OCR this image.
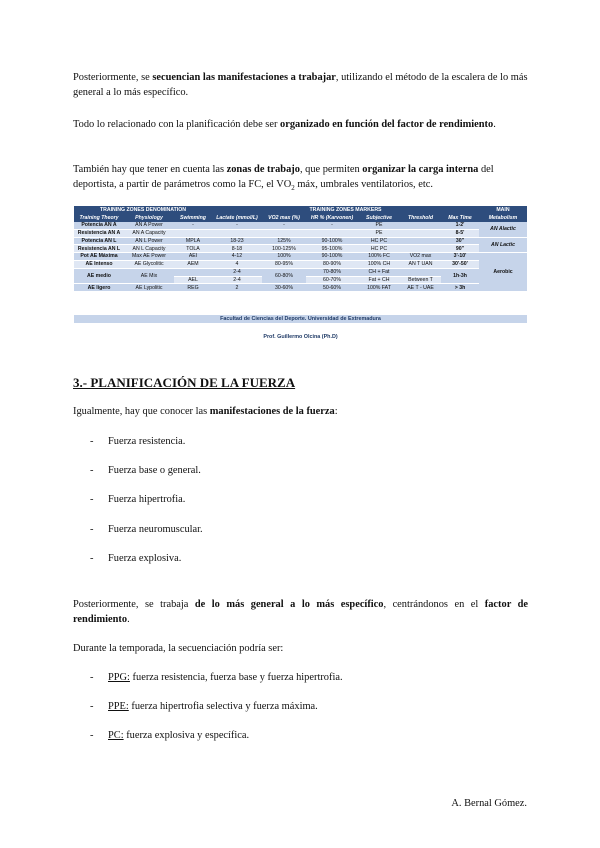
Posteriormente, se secuencian las manifestaciones a trabajar, utilizando el método de la escalera de lo más general a lo más específico.
Todo lo relacionado con la planificación debe ser organizado en función del factor de rendimiento.
También hay que tener en cuenta las zonas de trabajo, que permiten organizar la carga interna del deportista, a partir de parámetros como la FC, el $VO_2$ máx, umbrales ventilatorios, etc.
TRAINING ZONES DENOMINATION			TRAINING ZONES MARKERS						MAIN
Training Theory	Physiology	Swimming	Lactate (mmol/L)	VO2 max (%)	HR % (Karvonen)	Subjective	Threshold	Max Time	Metabolism
Potencia AN A	AN A Power	-	-	-	-	PE		1-2'	AN Alactic
Resistencia AN A	AN A Capacity					PE		8-5'	
Potencia AN L	AN L Power	MPLA	18-23	125%	90-100%	HC PC		30"	AN Lactic
Resistencia AN L	AN L Capacity	TOLA	8-18	100-125%	95-100%	HC PC		90"	
Pot AE Máxima	Max AE Power	AEI	4-12	100%	90-100%	100% FC	VO2 max	3'-10'	Aerobic
AE Intenso	AE Glycolitic	AEM	4	80-95%	80-90%	100% CH	AN T UAN	30'-50'	
AE medio	AE Mix		2-4	60-80%	70-80%	CH + Fat		1h-3h	
		AEL	2-4		60-70%	Fat + CH	Between T		
AE ligero	AE Lypolitic	REG	2	30-60%	50-60%	100% FAT	AE T - UAE	> 3h	
Facultad de Ciencias del Deporte. Universidad de Extremadura
Prof. Guillermo Olcina (Ph.D)
3.- PLANIFICACIÓN DE LA FUERZA
Igualmente, hay que conocer las manifestaciones de la fuerza:
- Fuerza resistencia.
- Fuerza base o general.
- Fuerza hipertrofia.
- Fuerza neuromuscular.
- Fuerza explosiva.
Posteriormente, se trabaja de lo más general a lo más específico, centrándonos en el factor de rendimiento.
Durante la temporada, la secuenciación podría ser:
- PPG: fuerza resistencia, fuerza base y fuerza hipertrofia.
- PPE: fuerza hipertrofia selectiva y fuerza máxima.
- PC: fuerza explosiva y específica.
A. Bernal Gómez.
